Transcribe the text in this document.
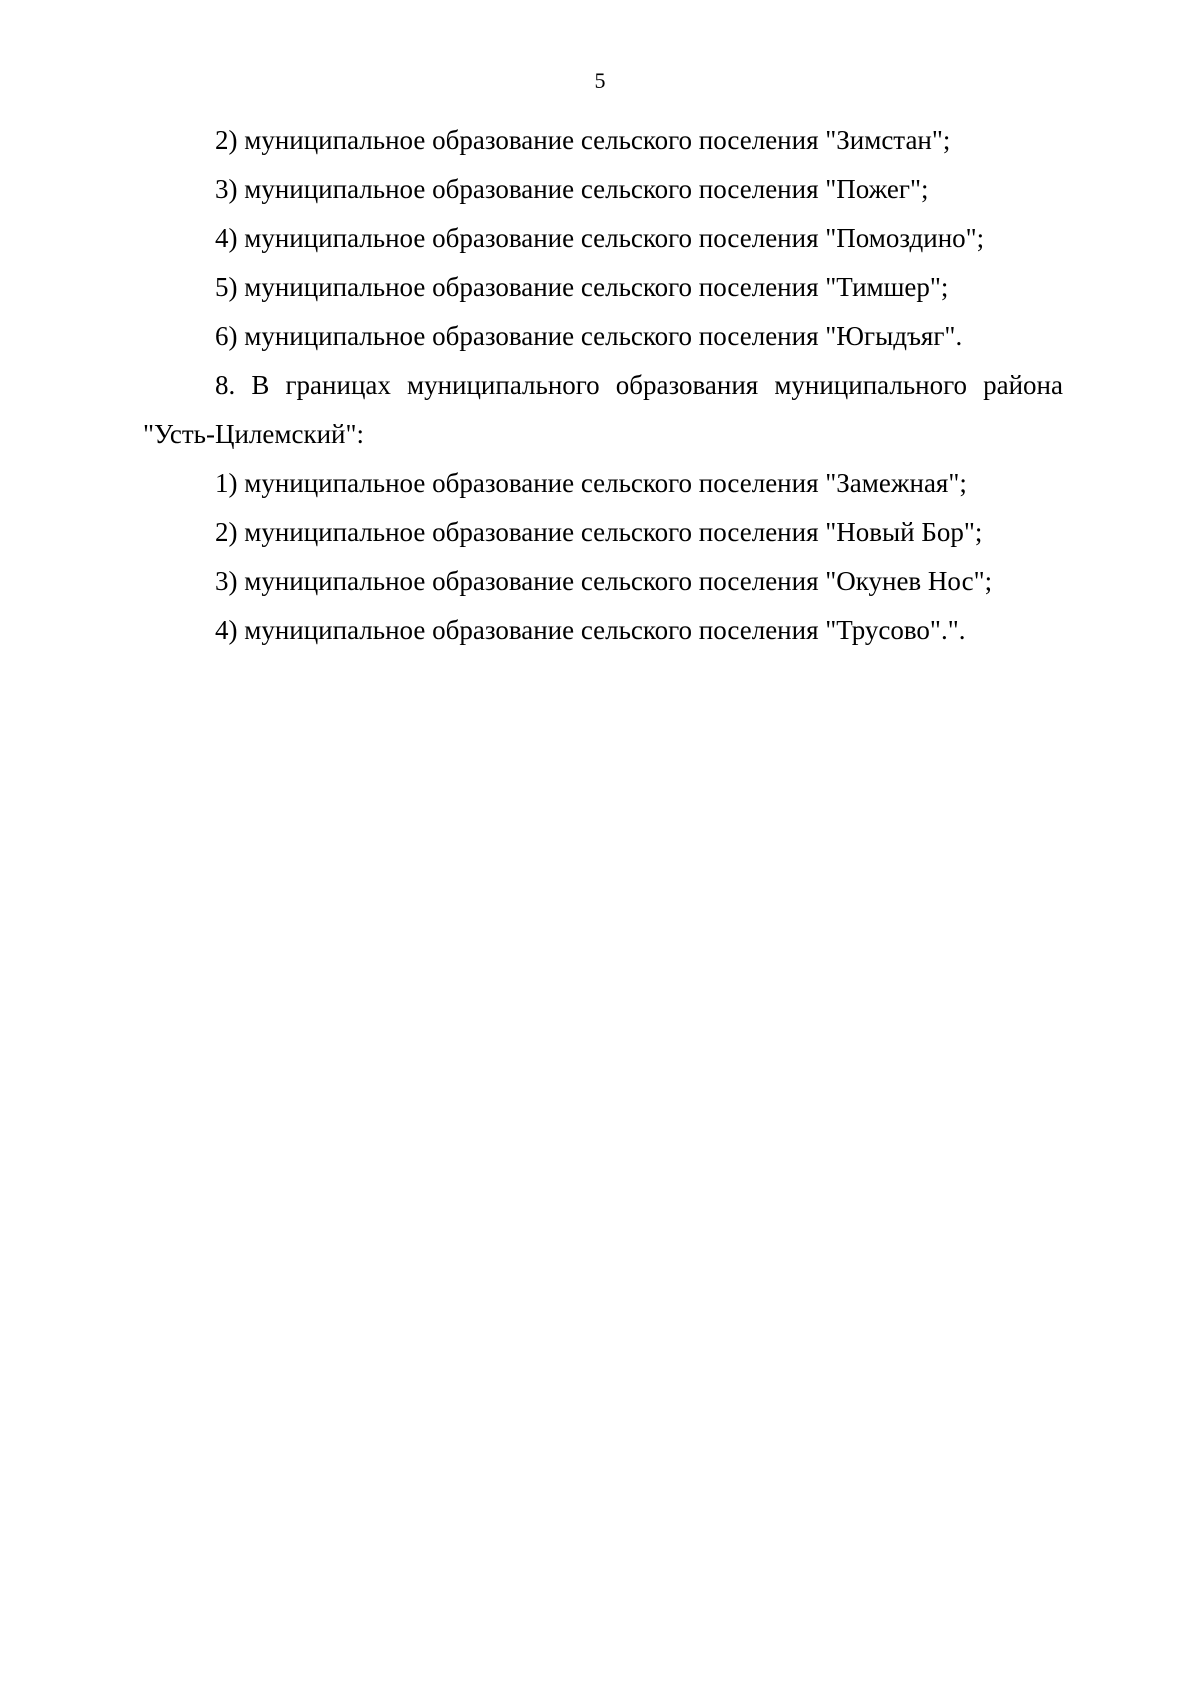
5
2) муниципальное образование сельского поселения "Зимстан";
3) муниципальное образование сельского поселения "Пожег";
4) муниципальное образование сельского поселения "Помоздино";
5) муниципальное образование сельского поселения "Тимшер";
6) муниципальное образование сельского поселения "Югыдъяг".
8. В границах муниципального образования муниципального района
"Усть-Цилемский":
1) муниципальное образование сельского поселения "Замежная";
2) муниципальное образование сельского поселения "Новый Бор";
3) муниципальное образование сельского поселения "Окунев Нос";
4) муниципальное образование сельского поселения "Трусово".".
